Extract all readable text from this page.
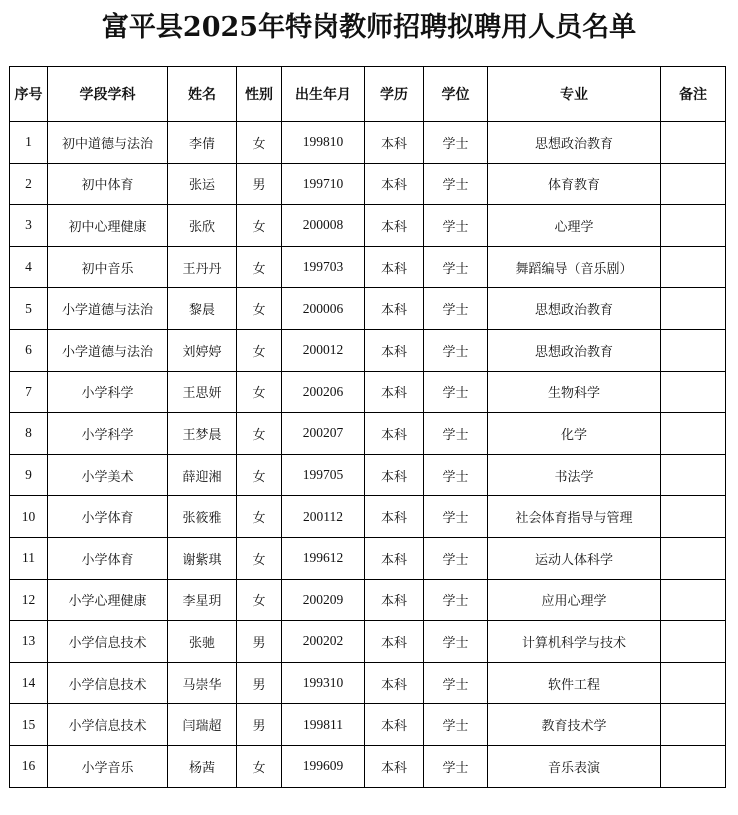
富平县2025年特岗教师招聘拟聘用人员名单
序号	学段学科	姓名	性别	出生年月	学历	学位	专业	备注
1	初中道德与法治	李倩	女	199810	本科	学士	思想政治教育	
2	初中体育	张运	男	199710	本科	学士	体育教育	
3	初中心理健康	张欣	女	200008	本科	学士	心理学	
4	初中音乐	王丹丹	女	199703	本科	学士	舞蹈编导（音乐剧）	
5	小学道德与法治	黎晨	女	200006	本科	学士	思想政治教育	
6	小学道德与法治	刘婷婷	女	200012	本科	学士	思想政治教育	
7	小学科学	王思妍	女	200206	本科	学士	生物科学	
8	小学科学	王梦晨	女	200207	本科	学士	化学	
9	小学美术	薛迎湘	女	199705	本科	学士	书法学	
10	小学体育	张筱雅	女	200112	本科	学士	社会体育指导与管理	
11	小学体育	谢紫琪	女	199612	本科	学士	运动人体科学	
12	小学心理健康	李星玥	女	200209	本科	学士	应用心理学	
13	小学信息技术	张驰	男	200202	本科	学士	计算机科学与技术	
14	小学信息技术	马崇华	男	199310	本科	学士	软件工程	
15	小学信息技术	闫瑞超	男	199811	本科	学士	教育技术学	
16	小学音乐	杨茜	女	199609	本科	学士	音乐表演	
